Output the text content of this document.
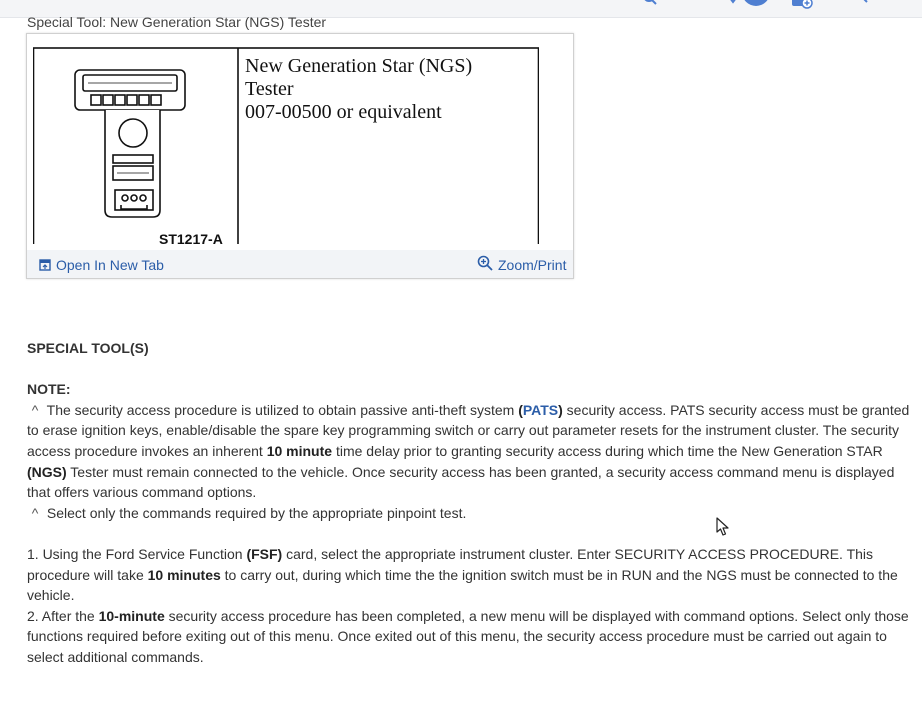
Special Tool: New Generation Star (NGS) Tester
ST1217-A
New Generation Star (NGS)
Tester
007-00500 or equivalent
Open In New Tab	Zoom/Print

SPECIAL TOOL(S)

NOTE:

^ The security access procedure is utilized to obtain passive anti-theft system (PATS) security access. PATS security access must be granted to erase ignition keys, enable/disable the spare key programming switch or carry out parameter resets for the instrument cluster. The security access procedure invokes an inherent 10 minute time delay prior to granting security access during which time the New Generation STAR (NGS) Tester must remain connected to the vehicle. Once security access has been granted, a security access command menu is displayed that offers various command options.

^ Select only the commands required by the appropriate pinpoint test.

1. Using the Ford Service Function (FSF) card, select the appropriate instrument cluster. Enter SECURITY ACCESS PROCEDURE. This procedure will take 10 minutes to carry out, during which time the the ignition switch must be in RUN and the NGS must be connected to the vehicle.

2. After the 10-minute security access procedure has been completed, a new menu will be displayed with command options. Select only those functions required before exiting out of this menu. Once exited out of this menu, the security access procedure must be carried out again to select additional commands.
